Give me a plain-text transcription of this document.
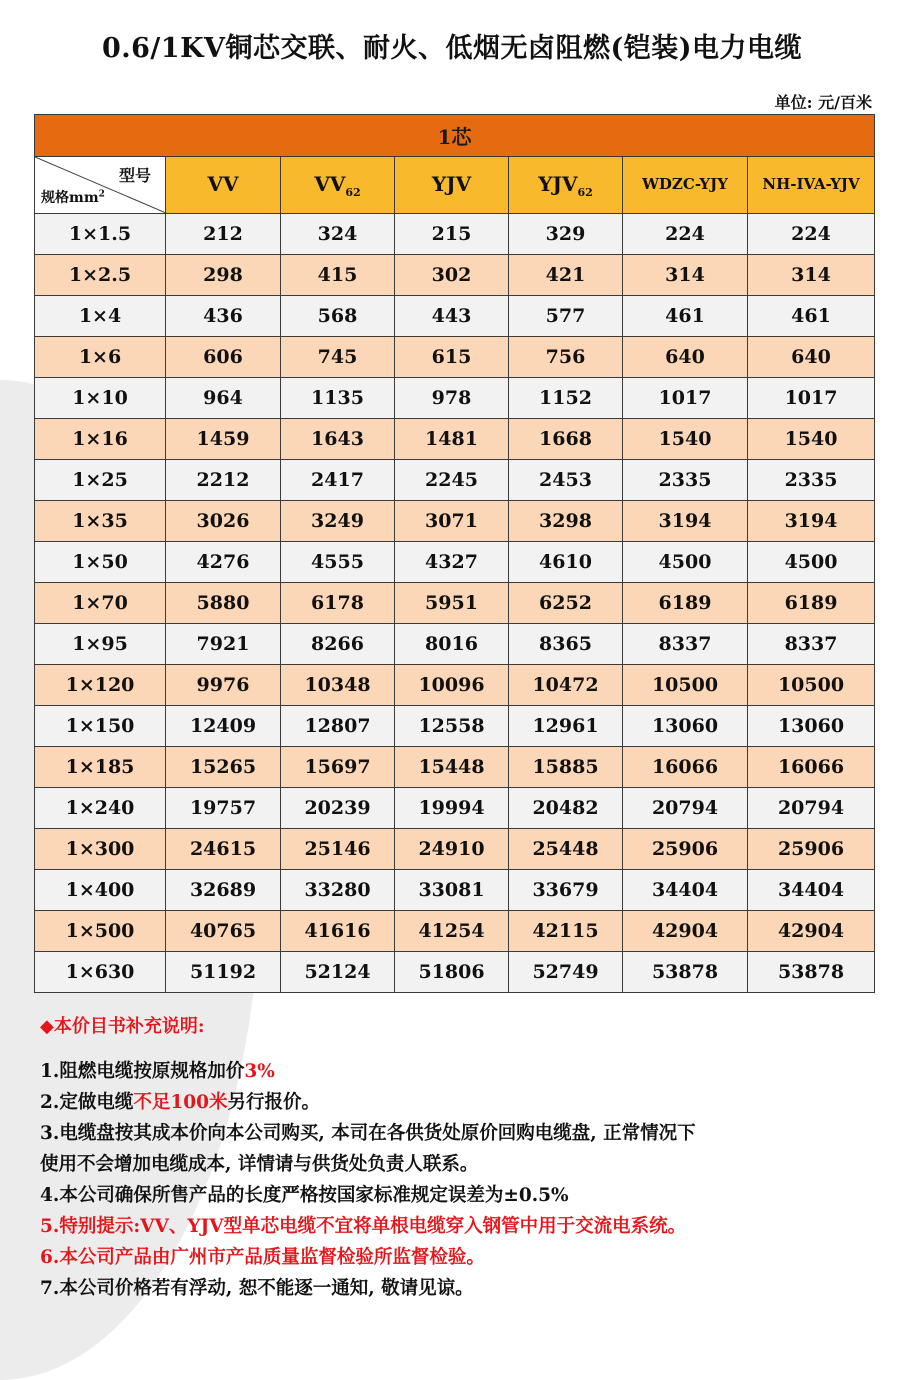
0.6/1KV铜芯交联、耐火、低烟无卤阻燃(铠装)电力电缆
单位: 元/百米
1芯						

型号
规格$mm^2$	VV	$VV_{62}$	YJV	$YJV_{62}$	WDZC-YJY	NH-IVA-YJV
1×1.5	212	324	215	329	224	224
1×2.5	298	415	302	421	314	314
1×4	436	568	443	577	461	461
1×6	606	745	615	756	640	640
1×10	964	1135	978	1152	1017	1017
1×16	1459	1643	1481	1668	1540	1540
1×25	2212	2417	2245	2453	2335	2335
1×35	3026	3249	3071	3298	3194	3194
1×50	4276	4555	4327	4610	4500	4500
1×70	5880	6178	5951	6252	6189	6189
1×95	7921	8266	8016	8365	8337	8337
1×120	9976	10348	10096	10472	10500	10500
1×150	12409	12807	12558	12961	13060	13060
1×185	15265	15697	15448	15885	16066	16066
1×240	19757	20239	19994	20482	20794	20794
1×300	24615	25146	24910	25448	25906	25906
1×400	32689	33280	33081	33679	34404	34404
1×500	40765	41616	41254	42115	42904	42904
1×630	51192	52124	51806	52749	53878	53878
◆本价目书补充说明:
1.阻燃电缆按原规格加价3%
2.定做电缆不足100米另行报价。
3.电缆盘按其成本价向本公司购买, 本司在各供货处原价回购电缆盘, 正常情况下
使用不会增加电缆成本, 详情请与供货处负责人联系。
4.本公司确保所售产品的长度严格按国家标准规定误差为±0.5%
5.特别提示:VV、YJV型单芯电缆不宜将单根电缆穿入钢管中用于交流电系统。
6.本公司产品由广州市产品质量监督检验所监督检验。
7.本公司价格若有浮动, 恕不能逐一通知, 敬请见谅。
